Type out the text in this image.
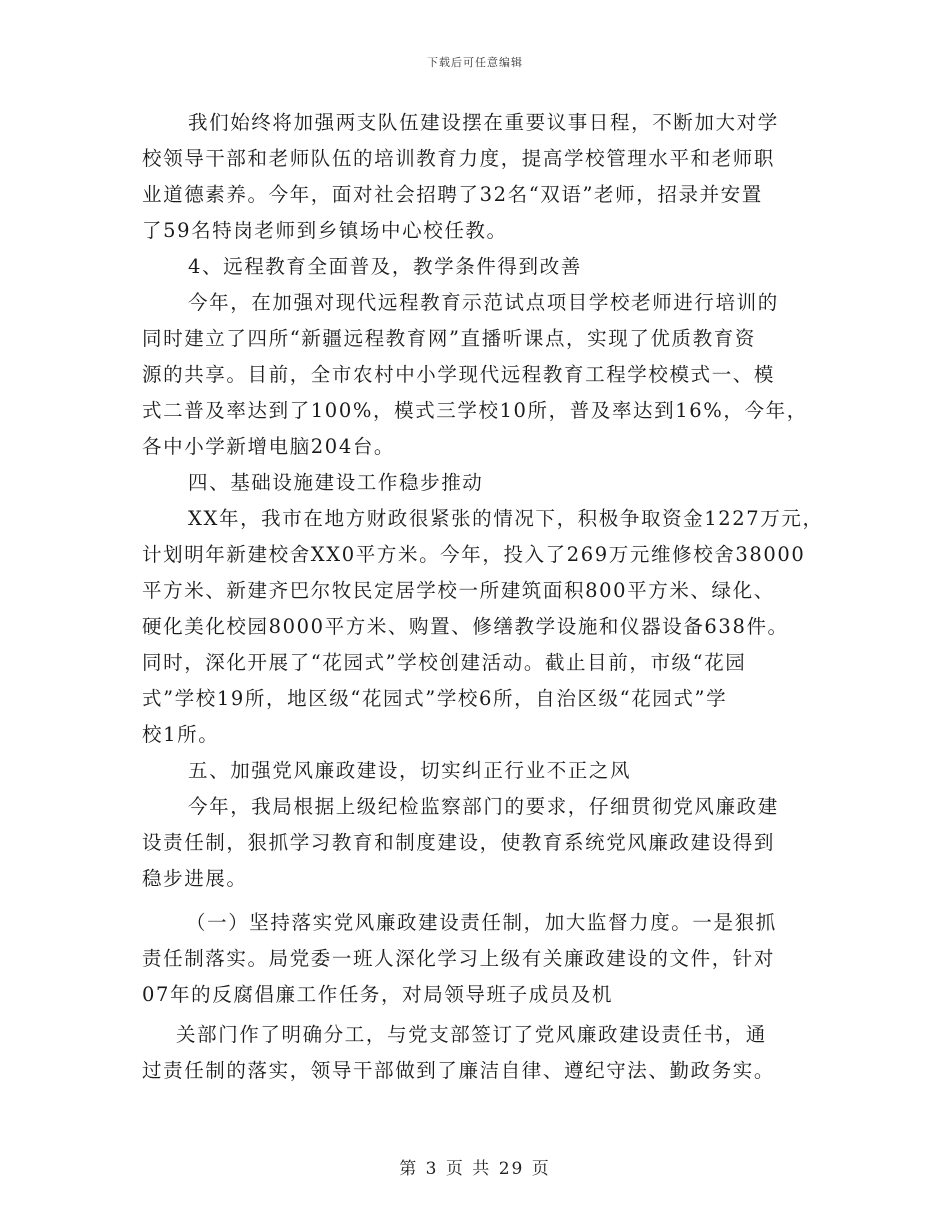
下载后可任意编辑
我们始终将加强两支队伍建设摆在重要议事日程，不断加大对学
校领导干部和老师队伍的培训教育力度，提高学校管理水平和老师职
业道德素养。今年，面对社会招聘了32名“双语”老师，招录并安置
了59名特岗老师到乡镇场中心校任教。
4、远程教育全面普及，教学条件得到改善
今年，在加强对现代远程教育示范试点项目学校老师进行培训的
同时建立了四所“新疆远程教育网”直播听课点，实现了优质教育资
源的共享。目前，全市农村中小学现代远程教育工程学校模式一、模
式二普及率达到了100%，模式三学校10所，普及率达到16%，今年，
各中小学新增电脑204台。
四、基础设施建设工作稳步推动
XX年，我市在地方财政很紧张的情况下，积极争取资金1227万元，
计划明年新建校舍XX0平方米。今年，投入了269万元维修校舍38000
平方米、新建齐巴尔牧民定居学校一所建筑面积800平方米、绿化、
硬化美化校园8000平方米、购置、修缮教学设施和仪器设备638件。
同时，深化开展了“花园式”学校创建活动。截止目前，市级“花园
式”学校19所，地区级“花园式”学校6所，自治区级“花园式”学
校1所。
五、加强党风廉政建设，切实纠正行业不正之风
今年，我局根据上级纪检监察部门的要求，仔细贯彻党风廉政建
设责任制，狠抓学习教育和制度建设，使教育系统党风廉政建设得到
稳步进展。
（一）坚持落实党风廉政建设责任制，加大监督力度。一是狠抓
责任制落实。局党委一班人深化学习上级有关廉政建设的文件，针对
07年的反腐倡廉工作任务，对局领导班子成员及机
关部门作了明确分工，与党支部签订了党风廉政建设责任书，通
过责任制的落实，领导干部做到了廉洁自律、遵纪守法、勤政务实。
第 3 页 共 29 页
